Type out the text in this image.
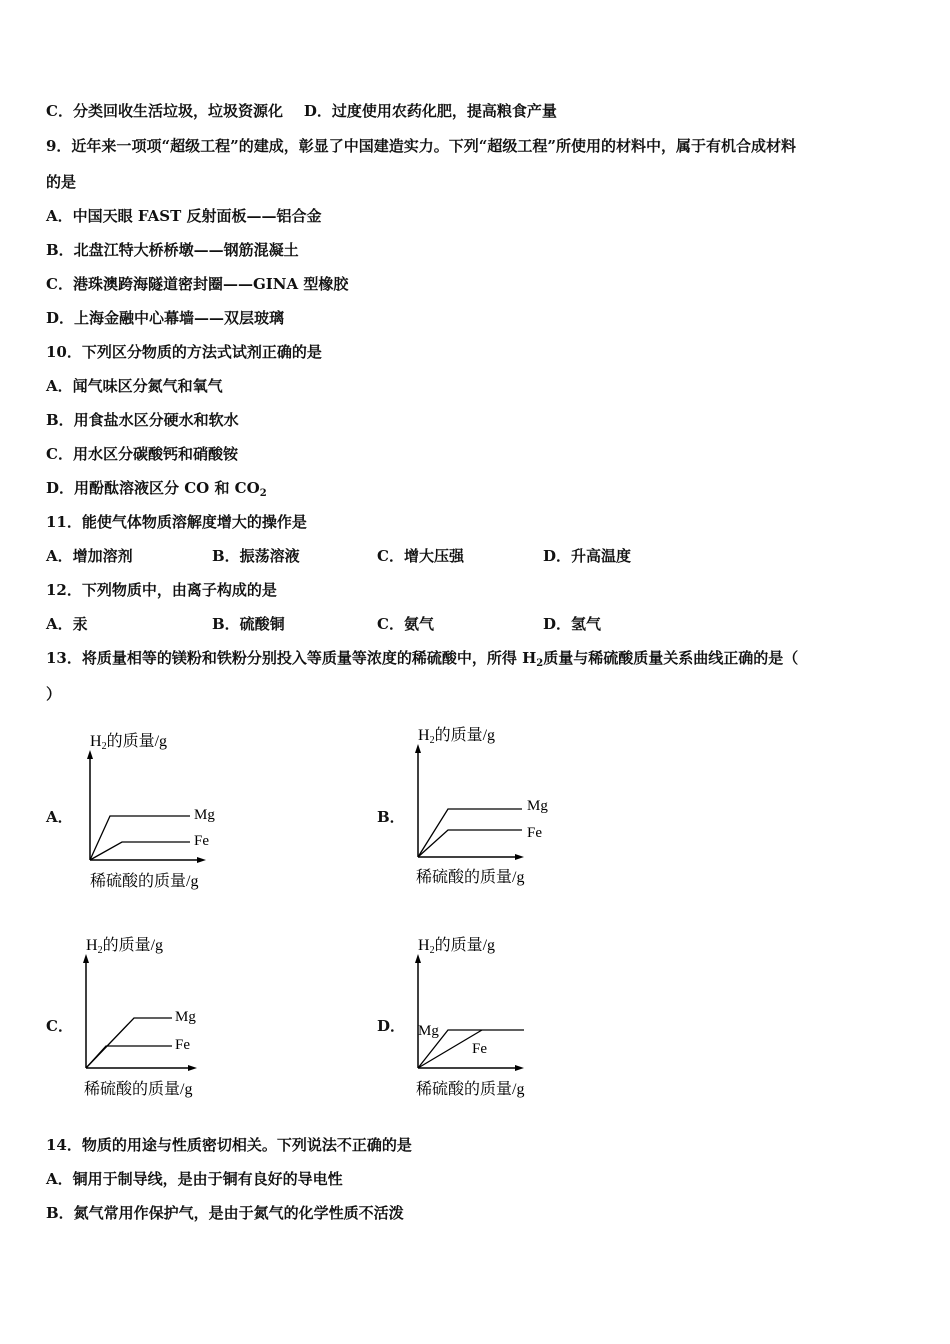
C．分类回收生活垃圾，垃圾资源化 D．过度使用农药化肥，提高粮食产量
9．近年来一项项“超级工程”的建成，彰显了中国建造实力。下列“超级工程”所使用的材料中，属于有机合成材料
的是
A．中国天眼 FAST 反射面板——铝合金
B．北盘江特大桥桥墩——钢筋混凝土
C．港珠澳跨海隧道密封圈——GINA 型橡胶
D．上海金融中心幕墙——双层玻璃
10．下列区分物质的方法式试剂正确的是
A．闻气味区分氮气和氧气
B．用食盐水区分硬水和软水
C．用水区分碳酸钙和硝酸铵
D．用酚酞溶液区分 CO 和 $CO_2$
11．能使气体物质溶解度增大的操作是
A．增加溶剂	B．振荡溶液	C．增大压强	D．升高温度
12．下列物质中，由离子构成的是
A．汞	B．硫酸铜	C．氨气	D．氢气
13．将质量相等的镁粉和铁粉分别投入等质量等浓度的稀硫酸中，所得 $H_2$质量与稀硫酸质量关系曲线正确的是（
）
A．	B．
C．	D．
H2的质量/g
Mg
Fe
稀硫酸的质量/g
H2的质量/g
Mg
Fe
稀硫酸的质量/g
H2的质量/g
Mg
Fe
稀硫酸的质量/g
H2的质量/g
Mg
Fe
稀硫酸的质量/g
14．物质的用途与性质密切相关。下列说法不正确的是
A．铜用于制导线，是由于铜有良好的导电性
B．氮气常用作保护气，是由于氮气的化学性质不活泼
